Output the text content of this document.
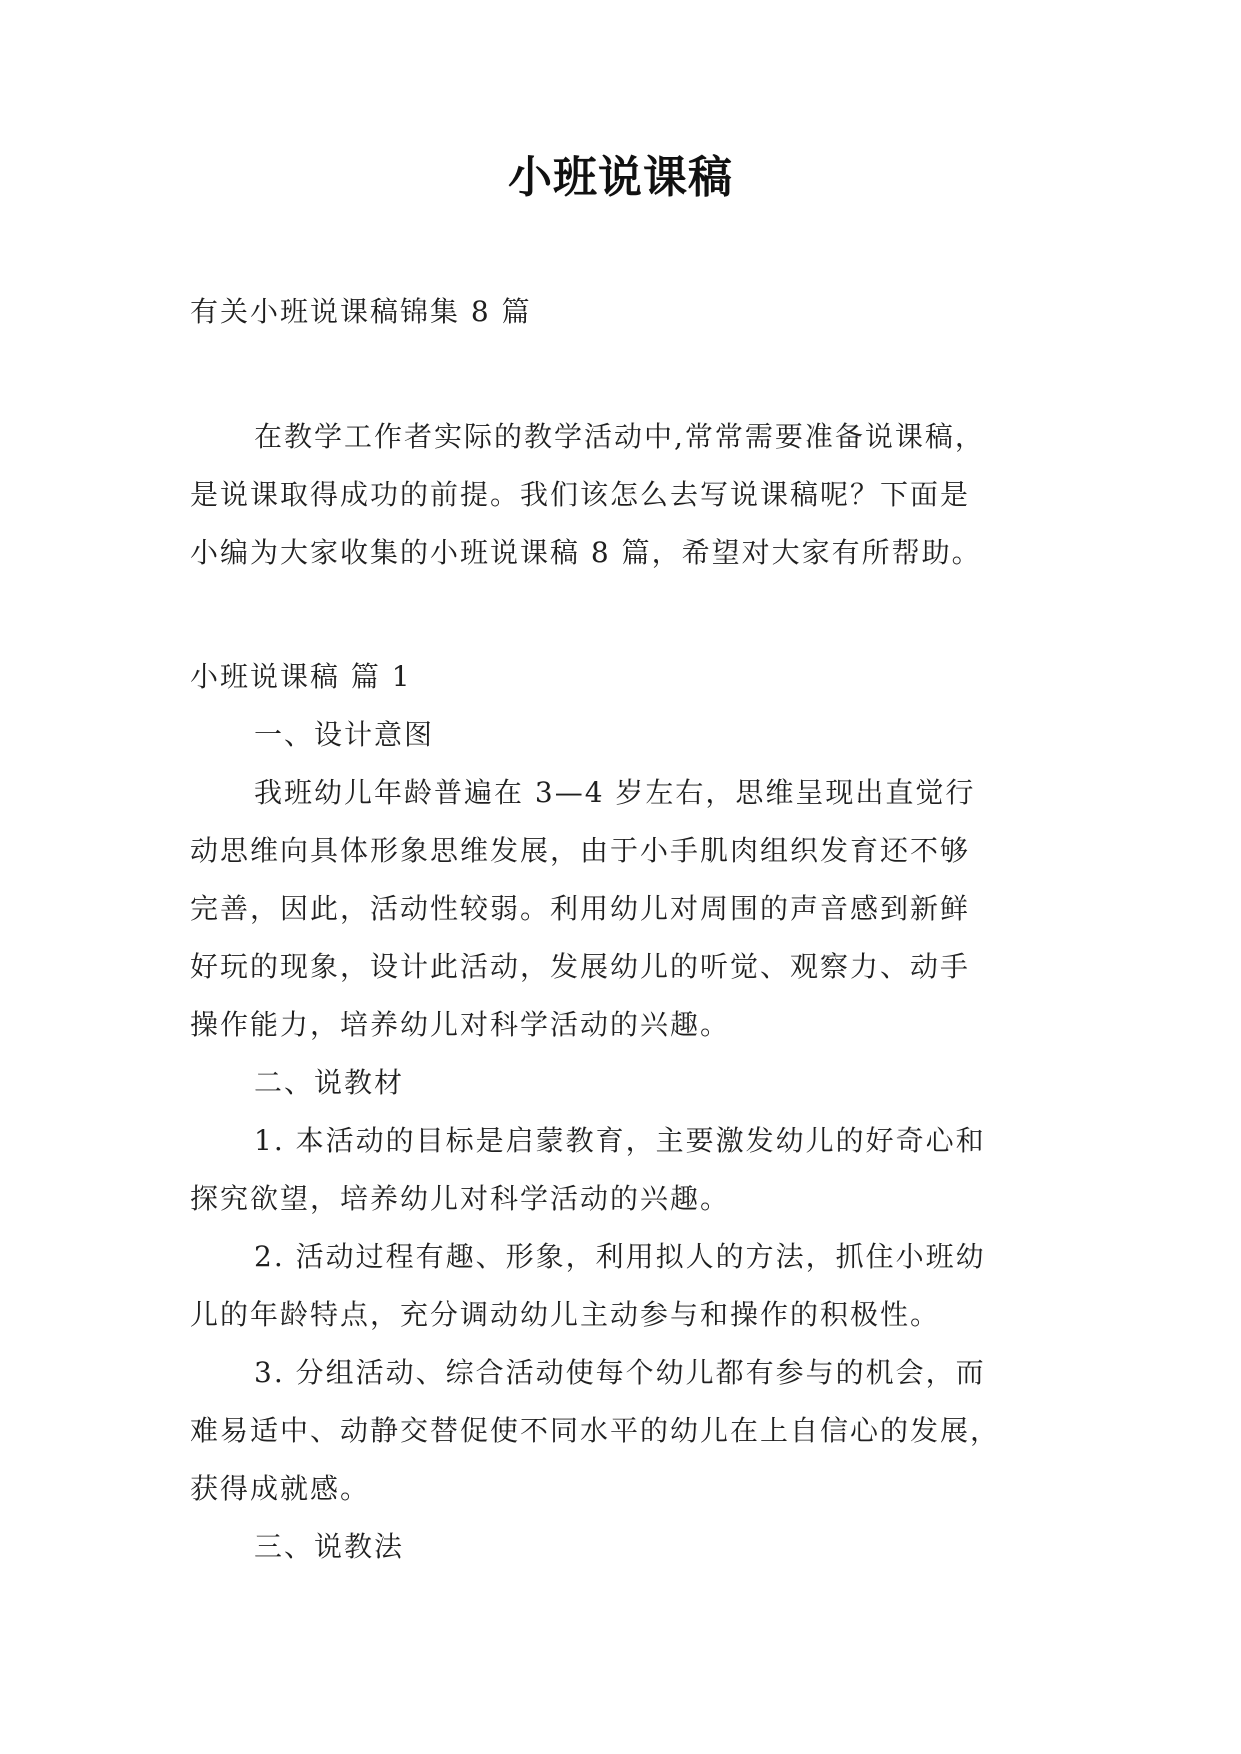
小班说课稿
有关小班说课稿锦集 8 篇
在教学工作者实际的教学活动中,常常需要准备说课稿，
是说课取得成功的前提。我们该怎么去写说课稿呢？下面是
小编为大家收集的小班说课稿 8 篇，希望对大家有所帮助。
小班说课稿 篇 1
一、设计意图
我班幼儿年龄普遍在 3—4 岁左右，思维呈现出直觉行
动思维向具体形象思维发展，由于小手肌肉组织发育还不够
完善，因此，活动性较弱。利用幼儿对周围的声音感到新鲜
好玩的现象，设计此活动，发展幼儿的听觉、观察力、动手
操作能力，培养幼儿对科学活动的兴趣。
二、说教材
1. 本活动的目标是启蒙教育，主要激发幼儿的好奇心和
探究欲望，培养幼儿对科学活动的兴趣。
2. 活动过程有趣、形象，利用拟人的方法，抓住小班幼
儿的年龄特点，充分调动幼儿主动参与和操作的积极性。
3. 分组活动、综合活动使每个幼儿都有参与的机会，而
难易适中、动静交替促使不同水平的幼儿在上自信心的发展，
获得成就感。
三、说教法
